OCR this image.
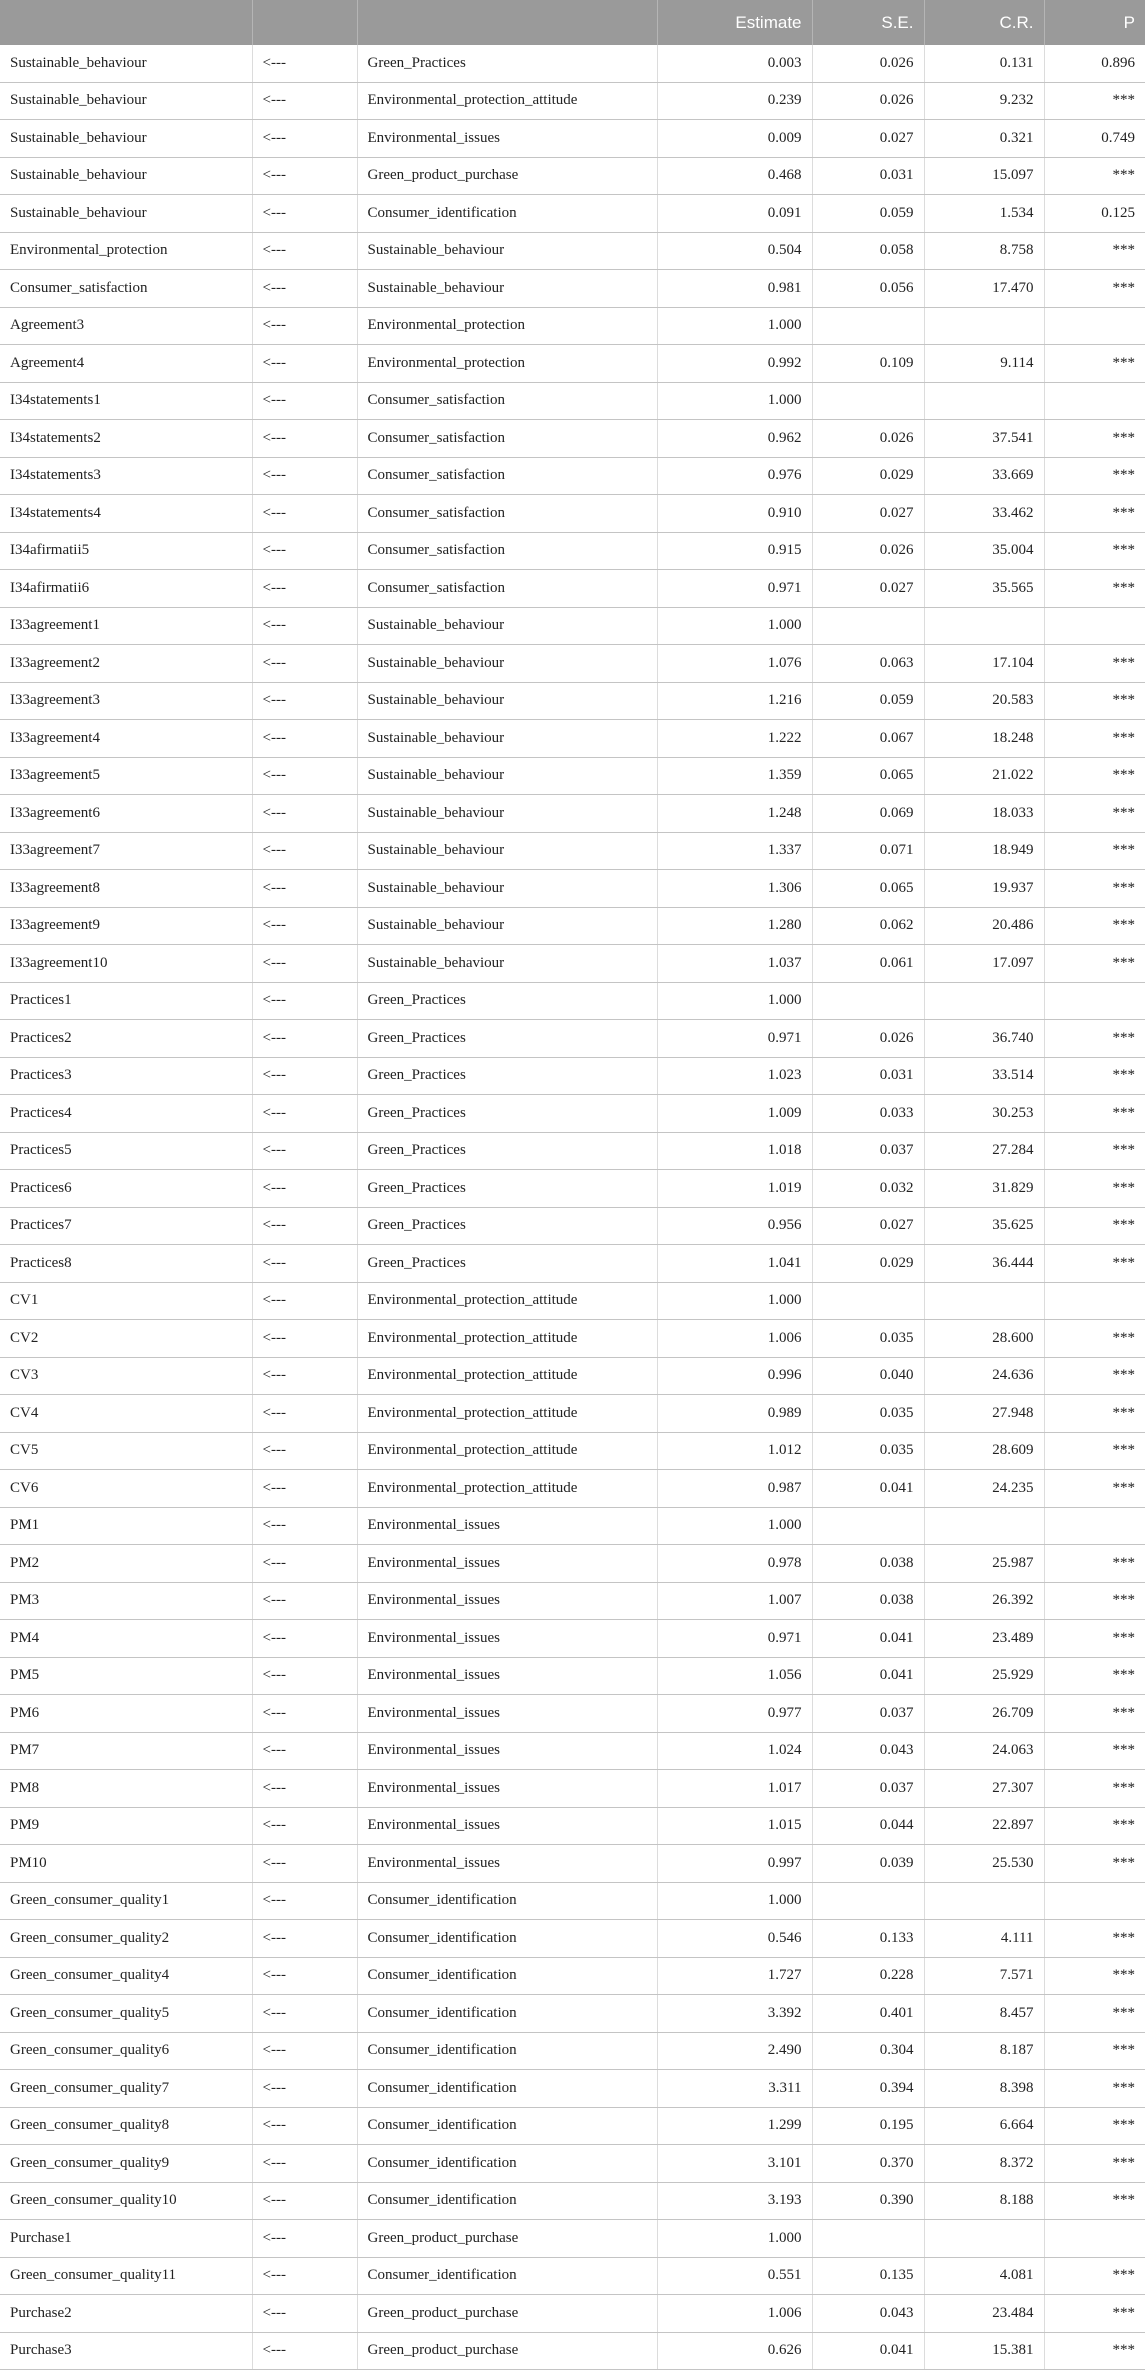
			Estimate	S.E.	C.R.	P
Sustainable_behaviour	<---	Green_Practices	0.003	0.026	0.131	0.896
Sustainable_behaviour	<---	Environmental_protection_attitude	0.239	0.026	9.232	***
Sustainable_behaviour	<---	Environmental_issues	0.009	0.027	0.321	0.749
Sustainable_behaviour	<---	Green_product_purchase	0.468	0.031	15.097	***
Sustainable_behaviour	<---	Consumer_identification	0.091	0.059	1.534	0.125
Environmental_protection	<---	Sustainable_behaviour	0.504	0.058	8.758	***
Consumer_satisfaction	<---	Sustainable_behaviour	0.981	0.056	17.470	***
Agreement3	<---	Environmental_protection	1.000			
Agreement4	<---	Environmental_protection	0.992	0.109	9.114	***
I34statements1	<---	Consumer_satisfaction	1.000			
I34statements2	<---	Consumer_satisfaction	0.962	0.026	37.541	***
I34statements3	<---	Consumer_satisfaction	0.976	0.029	33.669	***
I34statements4	<---	Consumer_satisfaction	0.910	0.027	33.462	***
I34afirmatii5	<---	Consumer_satisfaction	0.915	0.026	35.004	***
I34afirmatii6	<---	Consumer_satisfaction	0.971	0.027	35.565	***
I33agreement1	<---	Sustainable_behaviour	1.000			
I33agreement2	<---	Sustainable_behaviour	1.076	0.063	17.104	***
I33agreement3	<---	Sustainable_behaviour	1.216	0.059	20.583	***
I33agreement4	<---	Sustainable_behaviour	1.222	0.067	18.248	***
I33agreement5	<---	Sustainable_behaviour	1.359	0.065	21.022	***
I33agreement6	<---	Sustainable_behaviour	1.248	0.069	18.033	***
I33agreement7	<---	Sustainable_behaviour	1.337	0.071	18.949	***
I33agreement8	<---	Sustainable_behaviour	1.306	0.065	19.937	***
I33agreement9	<---	Sustainable_behaviour	1.280	0.062	20.486	***
I33agreement10	<---	Sustainable_behaviour	1.037	0.061	17.097	***
Practices1	<---	Green_Practices	1.000			
Practices2	<---	Green_Practices	0.971	0.026	36.740	***
Practices3	<---	Green_Practices	1.023	0.031	33.514	***
Practices4	<---	Green_Practices	1.009	0.033	30.253	***
Practices5	<---	Green_Practices	1.018	0.037	27.284	***
Practices6	<---	Green_Practices	1.019	0.032	31.829	***
Practices7	<---	Green_Practices	0.956	0.027	35.625	***
Practices8	<---	Green_Practices	1.041	0.029	36.444	***
CV1	<---	Environmental_protection_attitude	1.000			
CV2	<---	Environmental_protection_attitude	1.006	0.035	28.600	***
CV3	<---	Environmental_protection_attitude	0.996	0.040	24.636	***
CV4	<---	Environmental_protection_attitude	0.989	0.035	27.948	***
CV5	<---	Environmental_protection_attitude	1.012	0.035	28.609	***
CV6	<---	Environmental_protection_attitude	0.987	0.041	24.235	***
PM1	<---	Environmental_issues	1.000			
PM2	<---	Environmental_issues	0.978	0.038	25.987	***
PM3	<---	Environmental_issues	1.007	0.038	26.392	***
PM4	<---	Environmental_issues	0.971	0.041	23.489	***
PM5	<---	Environmental_issues	1.056	0.041	25.929	***
PM6	<---	Environmental_issues	0.977	0.037	26.709	***
PM7	<---	Environmental_issues	1.024	0.043	24.063	***
PM8	<---	Environmental_issues	1.017	0.037	27.307	***
PM9	<---	Environmental_issues	1.015	0.044	22.897	***
PM10	<---	Environmental_issues	0.997	0.039	25.530	***
Green_consumer_quality1	<---	Consumer_identification	1.000			
Green_consumer_quality2	<---	Consumer_identification	0.546	0.133	4.111	***
Green_consumer_quality4	<---	Consumer_identification	1.727	0.228	7.571	***
Green_consumer_quality5	<---	Consumer_identification	3.392	0.401	8.457	***
Green_consumer_quality6	<---	Consumer_identification	2.490	0.304	8.187	***
Green_consumer_quality7	<---	Consumer_identification	3.311	0.394	8.398	***
Green_consumer_quality8	<---	Consumer_identification	1.299	0.195	6.664	***
Green_consumer_quality9	<---	Consumer_identification	3.101	0.370	8.372	***
Green_consumer_quality10	<---	Consumer_identification	3.193	0.390	8.188	***
Purchase1	<---	Green_product_purchase	1.000			
Green_consumer_quality11	<---	Consumer_identification	0.551	0.135	4.081	***
Purchase2	<---	Green_product_purchase	1.006	0.043	23.484	***
Purchase3	<---	Green_product_purchase	0.626	0.041	15.381	***
